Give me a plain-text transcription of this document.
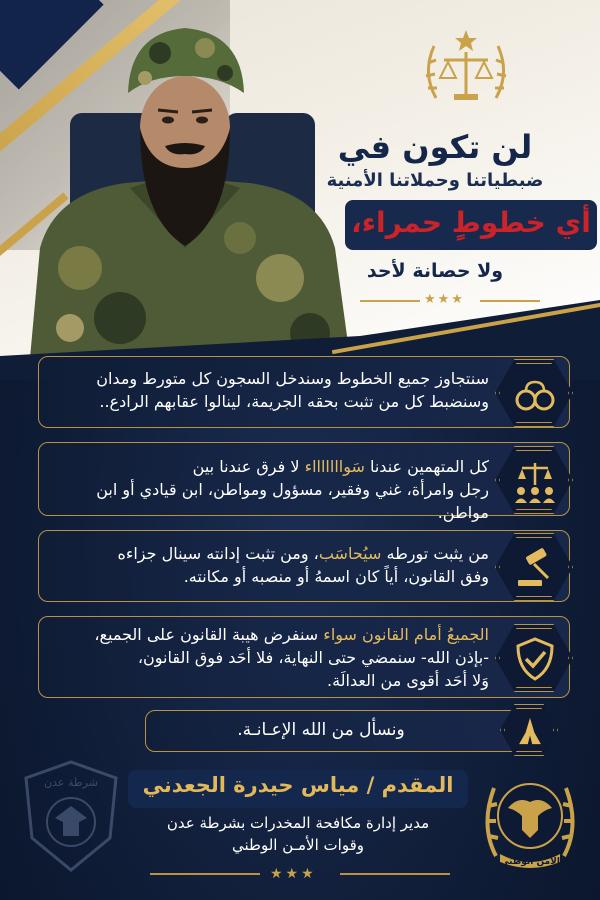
لن تكون في
ضبطياتنا وحملاتنا الأمنية
أي خطوطٍ حمراء،
ولا حصانة لأحد
★★★
سنتجاوز جميع الخطوط وسندخل السجون كل متورط ومدان
وسنضبط كل من تثبت بحقه الجريمة، لينالوا عقابهم الرادع..
كل المتهمين عندنا سَواااااااء لا فرق عندنا بين
رجل وامرأة، غني وفقير، مسؤول ومواطن، ابن قيادي أو ابن مواطن.
من يثبت تورطه سيُحاسَب، ومن تثبت إدانته سينال جزاءه
وفق القانون، أياً كان اسمهُ أو منصبه أو مكانته.
الجميعُ أمام القانون سواء سنفرض هيبة القانون على الجميع،
-بإذن الله- سنمضي حتى النهاية، فلا أحَد فوق القانون،
وَلا أحَد أقوى من العدالَة.
ونسأل من الله الإعـانـة.
شرطة عدن	المقدم / مياس حيدرة الجعدني
مدير إدارة مكافحة المخدرات بشرطة عدن
وقوات الأمـن الوطني
★★★
الأمن الوطني
